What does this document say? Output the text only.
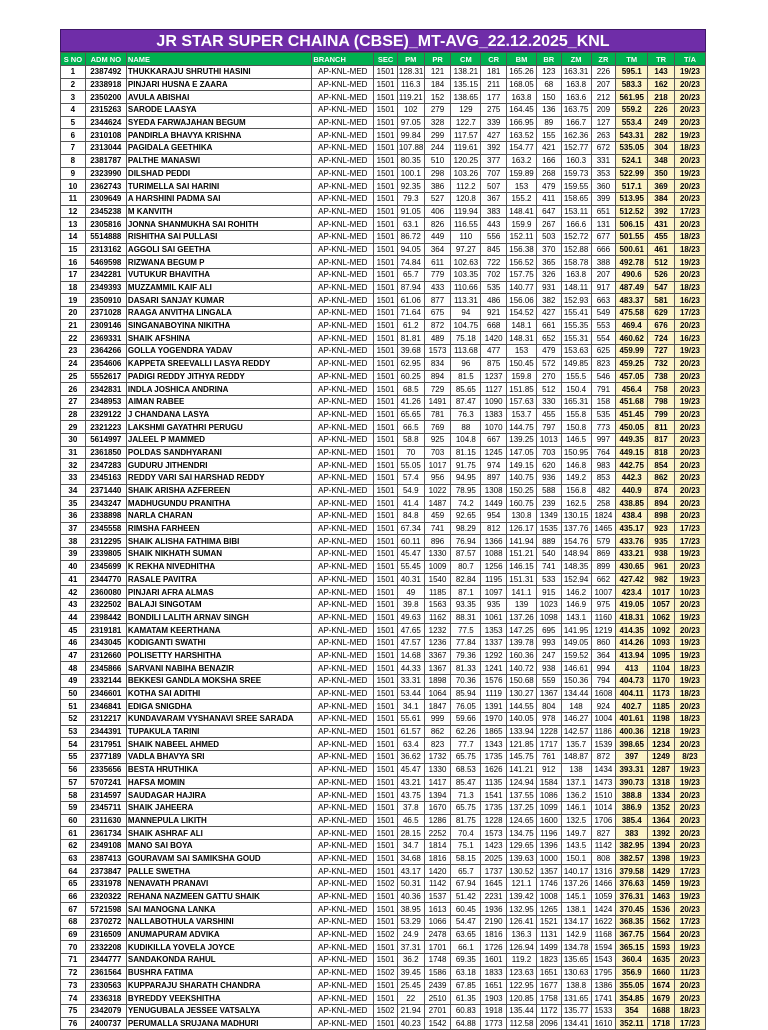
JR STAR SUPER CHAINA (CBSE)_MT-AVG_22.12.2025_KNL
S NO	ADM NO	NAME	BRANCH	SEC	PM	PR	CM	CR	BM	BR	ZM	ZR	TM	TR	T/A
1	2387492	THUKKARAJU SHRUTHI HASINI	AP-KNL-MED	1501	128.31	121	138.21	181	165.26	123	163.31	226	595.1	143	19/23
2	2338918	PINJARI HUSNA E ZAARA	AP-KNL-MED	1501	116.3	184	135.15	211	168.05	68	163.8	207	583.3	162	20/23
3	2350200	AVULA ABISHAI	AP-KNL-MED	1501	119.21	152	138.65	177	163.8	150	163.6	212	561.95	218	20/23
4	2315263	SARODE LAASYA	AP-KNL-MED	1501	102	279	129	275	164.45	136	163.75	209	559.2	226	20/23
5	2344624	SYEDA FARWAJAHAN BEGUM	AP-KNL-MED	1501	97.05	328	122.7	339	166.95	89	166.7	127	553.4	249	20/23
6	2310108	PANDIRLA BHAVYA KRISHNA	AP-KNL-MED	1501	99.84	299	117.57	427	163.52	155	162.36	263	543.31	282	19/23
7	2313044	PAGIDALA GEETHIKA	AP-KNL-MED	1501	107.88	244	119.61	392	154.77	421	152.77	672	535.05	304	18/23
8	2381787	PALTHE MANASWI	AP-KNL-MED	1501	80.35	510	120.25	377	163.2	166	160.3	331	524.1	348	20/23
9	2323990	DILSHAD PEDDI	AP-KNL-MED	1501	100.1	298	103.26	707	159.89	268	159.73	353	522.99	350	19/23
10	2362743	TURIMELLA SAI HARINI	AP-KNL-MED	1501	92.35	386	112.2	507	153	479	159.55	360	517.1	369	20/23
11	2309649	A HARSHINI PADMA SAI	AP-KNL-MED	1501	79.3	527	120.8	367	155.2	411	158.65	399	513.95	384	20/23
12	2345238	M KANVITH	AP-KNL-MED	1501	91.05	406	119.94	383	148.41	647	153.11	651	512.52	392	17/23
13	2305816	JONNA SHANMUKHA SAI ROHITH	AP-KNL-MED	1501	63.1	826	116.55	443	159.9	267	166.6	131	506.15	431	20/23
14	5514888	RISHITHA SAI PULLASI	AP-KNL-MED	1501	86.72	449	110	556	152.11	503	152.72	677	501.55	455	18/23
15	2313162	AGGOLI SAI GEETHA	AP-KNL-MED	1501	94.05	364	97.27	845	156.38	370	152.88	666	500.61	461	18/23
16	5469598	RIZWANA BEGUM P	AP-KNL-MED	1501	74.84	611	102.63	722	156.52	365	158.78	388	492.78	512	19/23
17	2342281	VUTUKUR BHAVITHA	AP-KNL-MED	1501	65.7	779	103.35	702	157.75	326	163.8	207	490.6	526	20/23
18	2349393	MUZZAMMIL KAIF ALI	AP-KNL-MED	1501	87.94	433	110.66	535	140.77	931	148.11	917	487.49	547	18/23
19	2350910	DASARI SANJAY KUMAR	AP-KNL-MED	1501	61.06	877	113.31	486	156.06	382	152.93	663	483.37	581	16/23
20	2371028	RAAGA ANVITHA LINGALA	AP-KNL-MED	1501	71.64	675	94	921	154.52	427	155.41	549	475.58	629	17/23
21	2309146	SINGANABOYINA NIKITHA	AP-KNL-MED	1501	61.2	872	104.75	668	148.1	661	155.35	553	469.4	676	20/23
22	2369331	SHAIK AFSHINA	AP-KNL-MED	1501	81.81	489	75.18	1420	148.31	652	155.31	554	460.62	724	16/23
23	2364266	GOLLA YOGENDRA YADAV	AP-KNL-MED	1501	39.68	1573	113.68	477	153	479	153.63	625	459.99	727	19/23
24	2354606	KAPPETA SREEVALLI LASYA REDDY	AP-KNL-MED	1501	62.95	834	96	875	150.45	572	149.85	823	459.25	732	20/23
25	5552617	PADIGI REDDY JITHYA REDDY	AP-KNL-MED	1501	60.25	894	81.5	1237	159.8	270	155.5	546	457.05	738	20/23
26	2342831	INDLA JOSHICA ANDRINA	AP-KNL-MED	1501	68.5	729	85.65	1127	151.85	512	150.4	791	456.4	758	20/23
27	2348953	AIMAN RABEE	AP-KNL-MED	1501	41.26	1491	87.47	1090	157.63	330	165.31	158	451.68	798	19/23
28	2329122	J CHANDANA LASYA	AP-KNL-MED	1501	65.65	781	76.3	1383	153.7	455	155.8	535	451.45	799	20/23
29	2321223	LAKSHMI GAYATHRI PERUGU	AP-KNL-MED	1501	66.5	769	88	1070	144.75	797	150.8	773	450.05	811	20/23
30	5614997	JALEEL P MAMMED	AP-KNL-MED	1501	58.8	925	104.8	667	139.25	1013	146.5	997	449.35	817	20/23
31	2361850	POLDAS SANDHYARANI	AP-KNL-MED	1501	70	703	81.15	1245	147.05	703	150.95	764	449.15	818	20/23
32	2347283	GUDURU JITHENDRI	AP-KNL-MED	1501	55.05	1017	91.75	974	149.15	620	146.8	983	442.75	854	20/23
33	2345163	REDDY VARI SAI HARSHAD REDDY	AP-KNL-MED	1501	57.4	956	94.95	897	140.75	936	149.2	853	442.3	862	20/23
34	2371440	SHAIK ARISHA AZFEREEN	AP-KNL-MED	1501	54.9	1022	78.95	1308	150.25	588	156.8	482	440.9	874	20/23
35	2343247	MADHUGUNDU PRANITHA	AP-KNL-MED	1501	41.4	1487	74.2	1449	160.75	239	162.5	258	438.85	894	20/23
36	2338898	NARLA CHARAN	AP-KNL-MED	1501	84.8	459	92.65	954	130.8	1349	130.15	1824	438.4	898	20/23
37	2345558	RIMSHA FARHEEN	AP-KNL-MED	1501	67.34	741	98.29	812	126.17	1535	137.76	1465	435.17	923	17/23
38	2312295	SHAIK ALISHA FATHIMA BIBI	AP-KNL-MED	1501	60.11	896	76.94	1366	141.94	889	154.76	579	433.76	935	17/23
39	2339805	SHAIK NIKHATH SUMAN	AP-KNL-MED	1501	45.47	1330	87.57	1088	151.21	540	148.94	869	433.21	938	19/23
40	2345699	K REKHA NIVEDHITHA	AP-KNL-MED	1501	55.45	1009	80.7	1256	146.15	741	148.35	899	430.65	961	20/23
41	2344770	RASALE PAVITRA	AP-KNL-MED	1501	40.31	1540	82.84	1195	151.31	533	152.94	662	427.42	982	19/23
42	2360080	PINJARI AFRA ALMAS	AP-KNL-MED	1501	49	1185	87.1	1097	141.1	915	146.2	1007	423.4	1017	10/23
43	2322502	BALAJI SINGOTAM	AP-KNL-MED	1501	39.8	1563	93.35	935	139	1023	146.9	975	419.05	1057	20/23
44	2398442	BONDILI LALITH ARNAV SINGH	AP-KNL-MED	1501	49.63	1162	88.31	1061	137.26	1098	143.1	1160	418.31	1062	19/23
45	2319181	KAMATAM KEERTHANA	AP-KNL-MED	1501	47.65	1232	77.5	1353	147.25	695	141.95	1219	414.35	1092	20/23
46	2343045	KODIGANTI SWATHI	AP-KNL-MED	1501	47.57	1236	77.84	1337	139.78	993	149.05	860	414.26	1093	19/23
47	2312660	POLISETTY HARSHITHA	AP-KNL-MED	1501	14.68	3367	79.36	1292	160.36	247	159.52	364	413.94	1095	19/23
48	2345866	SARVANI NABIHA BENAZIR	AP-KNL-MED	1501	44.33	1367	81.33	1241	140.72	938	146.61	994	413	1104	18/23
49	2332144	BEKKESI GANDLA MOKSHA SREE	AP-KNL-MED	1501	33.31	1898	70.36	1576	150.68	559	150.36	794	404.73	1170	19/23
50	2346601	KOTHA SAI ADITHI	AP-KNL-MED	1501	53.44	1064	85.94	1119	130.27	1367	134.44	1608	404.11	1173	18/23
51	2346841	EDIGA SNIGDHA	AP-KNL-MED	1501	34.1	1847	76.05	1391	144.55	804	148	924	402.7	1185	20/23
52	2312217	KUNDAVARAM VYSHANAVI SREE SARADA	AP-KNL-MED	1501	55.61	999	59.66	1970	140.05	978	146.27	1004	401.61	1198	18/23
53	2344391	TUPAKULA TARINI	AP-KNL-MED	1501	61.57	862	62.26	1865	133.94	1228	142.57	1186	400.36	1218	19/23
54	2317951	SHAIK NABEEL AHMED	AP-KNL-MED	1501	63.4	823	77.7	1343	121.85	1717	135.7	1539	398.65	1234	20/23
55	2377189	VADLA BHAVYA SRI	AP-KNL-MED	1501	36.62	1732	65.75	1735	145.75	761	148.87	872	397	1249	8/23
56	2335656	BESTA HRUTHIKA	AP-KNL-MED	1501	45.47	1330	68.53	1626	141.21	912	138	1434	393.31	1287	19/23
57	5707241	HAFSA MOMIN	AP-KNL-MED	1501	43.21	1417	85.47	1135	124.94	1584	137.1	1473	390.73	1318	19/23
58	2314597	SAUDAGAR HAJIRA	AP-KNL-MED	1501	43.75	1394	71.3	1541	137.55	1086	136.2	1510	388.8	1334	20/23
59	2345711	SHAIK JAHEERA	AP-KNL-MED	1501	37.8	1670	65.75	1735	137.25	1099	146.1	1014	386.9	1352	20/23
60	2311630	MANNEPULA LIKITH	AP-KNL-MED	1501	46.5	1286	81.75	1228	124.65	1600	132.5	1706	385.4	1364	20/23
61	2361734	SHAIK ASHRAF ALI	AP-KNL-MED	1501	28.15	2252	70.4	1573	134.75	1196	149.7	827	383	1392	20/23
62	2349108	MANO SAI BOYA	AP-KNL-MED	1501	34.7	1814	75.1	1423	129.65	1396	143.5	1142	382.95	1394	20/23
63	2387413	GOURAVAM SAI SAMIKSHA GOUD	AP-KNL-MED	1501	34.68	1816	58.15	2025	139.63	1000	150.1	808	382.57	1398	19/23
64	2373847	PALLE SWETHA	AP-KNL-MED	1501	43.17	1420	65.7	1737	130.52	1357	140.17	1316	379.58	1429	17/23
65	2331978	NENAVATH PRANAVI	AP-KNL-MED	1502	50.31	1142	67.94	1645	121.1	1746	137.26	1466	376.63	1459	19/23
66	2320322	REHANA NAZMEEN GATTU SHAIK	AP-KNL-MED	1501	40.36	1537	51.42	2231	139.42	1008	145.1	1059	376.31	1463	19/23
67	5721598	SAI MANOGNA LANKA	AP-KNL-MED	1501	38.95	1613	60.45	1936	132.95	1265	138.1	1424	370.45	1536	20/23
68	2370272	NALLABOTHULA VARSHINI	AP-KNL-MED	1501	53.29	1066	54.47	2190	126.41	1521	134.17	1622	368.35	1562	17/23
69	2316509	ANUMAPURAM ADVIKA	AP-KNL-MED	1502	24.9	2478	63.65	1816	136.3	1131	142.9	1168	367.75	1564	20/23
70	2332208	KUDIKILLA YOVELA JOYCE	AP-KNL-MED	1501	37.31	1701	66.1	1726	126.94	1499	134.78	1594	365.15	1593	19/23
71	2344777	SANDAKONDA RAHUL	AP-KNL-MED	1501	36.2	1748	69.35	1601	119.2	1823	135.65	1543	360.4	1635	20/23
72	2361564	BUSHRA FATIMA	AP-KNL-MED	1502	39.45	1586	63.18	1833	123.63	1651	130.63	1795	356.9	1660	11/23
73	2330563	KUPPARAJU SHARATH CHANDRA	AP-KNL-MED	1501	25.45	2439	67.85	1651	122.95	1677	138.8	1386	355.05	1674	20/23
74	2336318	BYREDDY VEEKSHITHA	AP-KNL-MED	1501	22	2510	61.35	1903	120.85	1758	131.65	1741	354.85	1679	20/23
75	2342079	YENUGUBALA JESSEE VATSALYA	AP-KNL-MED	1502	21.94	2701	60.83	1918	135.44	1172	135.77	1533	354	1688	18/23
76	2400737	PERUMALLA SRUJANA MADHURI	AP-KNL-MED	1501	40.23	1542	64.88	1773	112.58	2096	134.41	1610	352.11	1718	17/23
